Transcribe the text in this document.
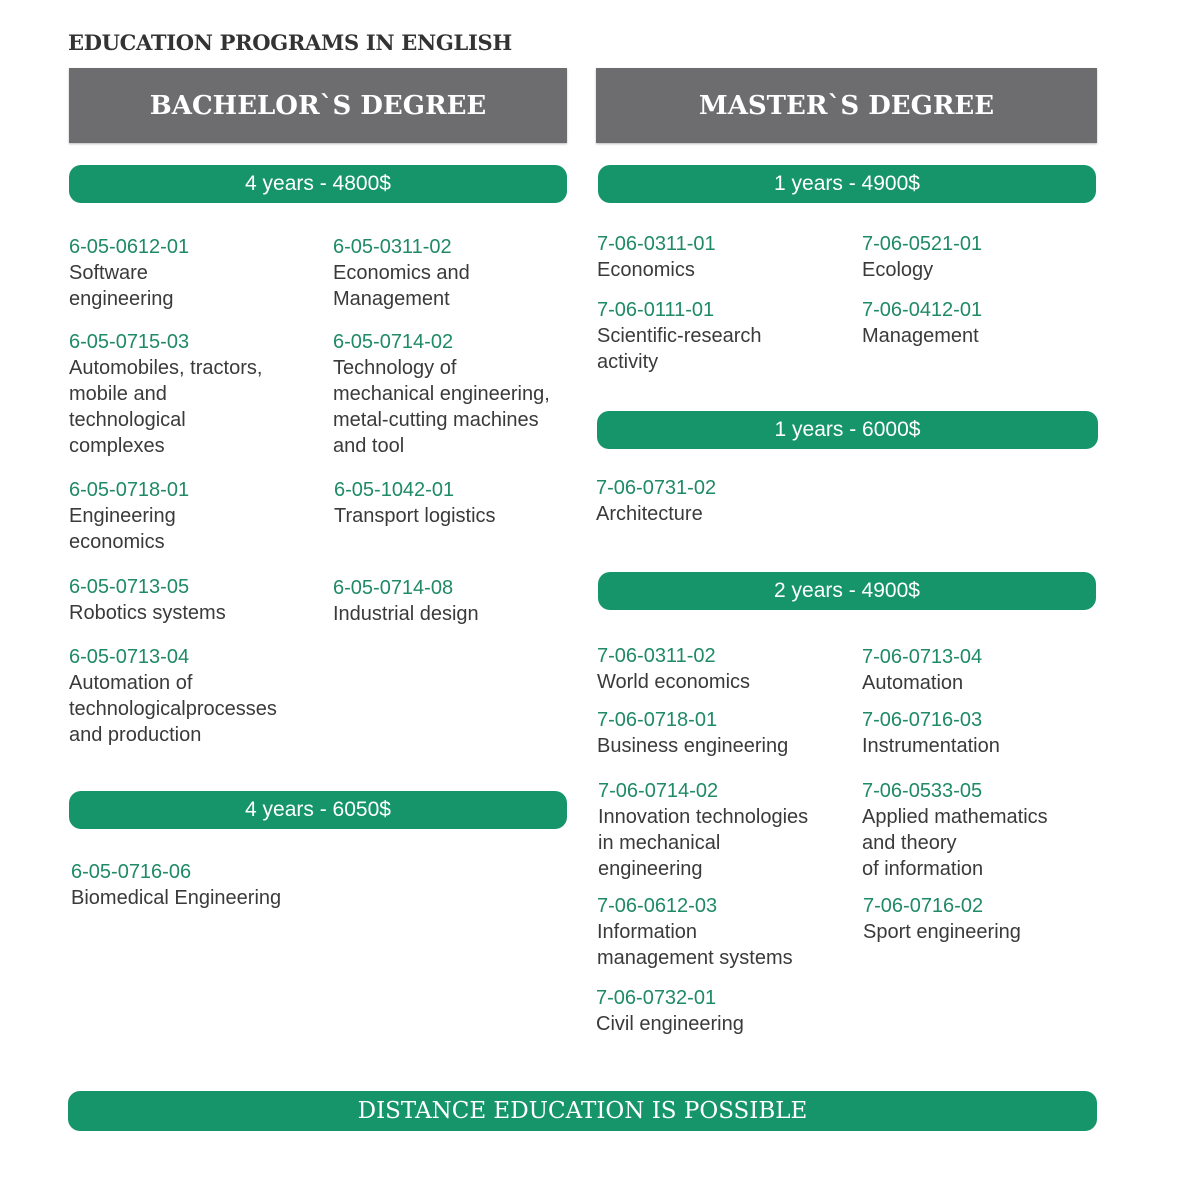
EDUCATION PROGRAMS IN ENGLISH
BACHELOR`S DEGREE	MASTER`S DEGREE
4 years - 4800$
4 years - 6050$
1 years - 4900$
1 years - 6000$
2 years - 4900$
DISTANCE EDUCATION IS POSSIBLE
6-05-0612-01
Software
engineering
6-05-0311-02
Economics and
Management
6-05-0715-03
Automobiles, tractors,
mobile and
technological
complexes
6-05-0714-02
Technology of
mechanical engineering,
metal-cutting machines
and tool
6-05-0718-01
Engineering
economics
6-05-1042-01
Transport logistics
6-05-0713-05
Robotics systems
6-05-0714-08
Industrial design
6-05-0713-04
Automation of
technologicalprocesses
and production
6-05-0716-06
Biomedical Engineering
7-06-0311-01
Economics
7-06-0521-01
Ecology
7-06-0111-01
Scientific-research
activity
7-06-0412-01
Management
7-06-0731-02
Architecture
7-06-0311-02
World economics
7-06-0713-04
Automation
7-06-0718-01
Business engineering
7-06-0716-03
Instrumentation
7-06-0714-02
Innovation technologies
in mechanical
engineering
7-06-0533-05
Applied mathematics
and theory
of information
7-06-0612-03
Information
management systems
7-06-0716-02
Sport engineering
7-06-0732-01
Civil engineering
